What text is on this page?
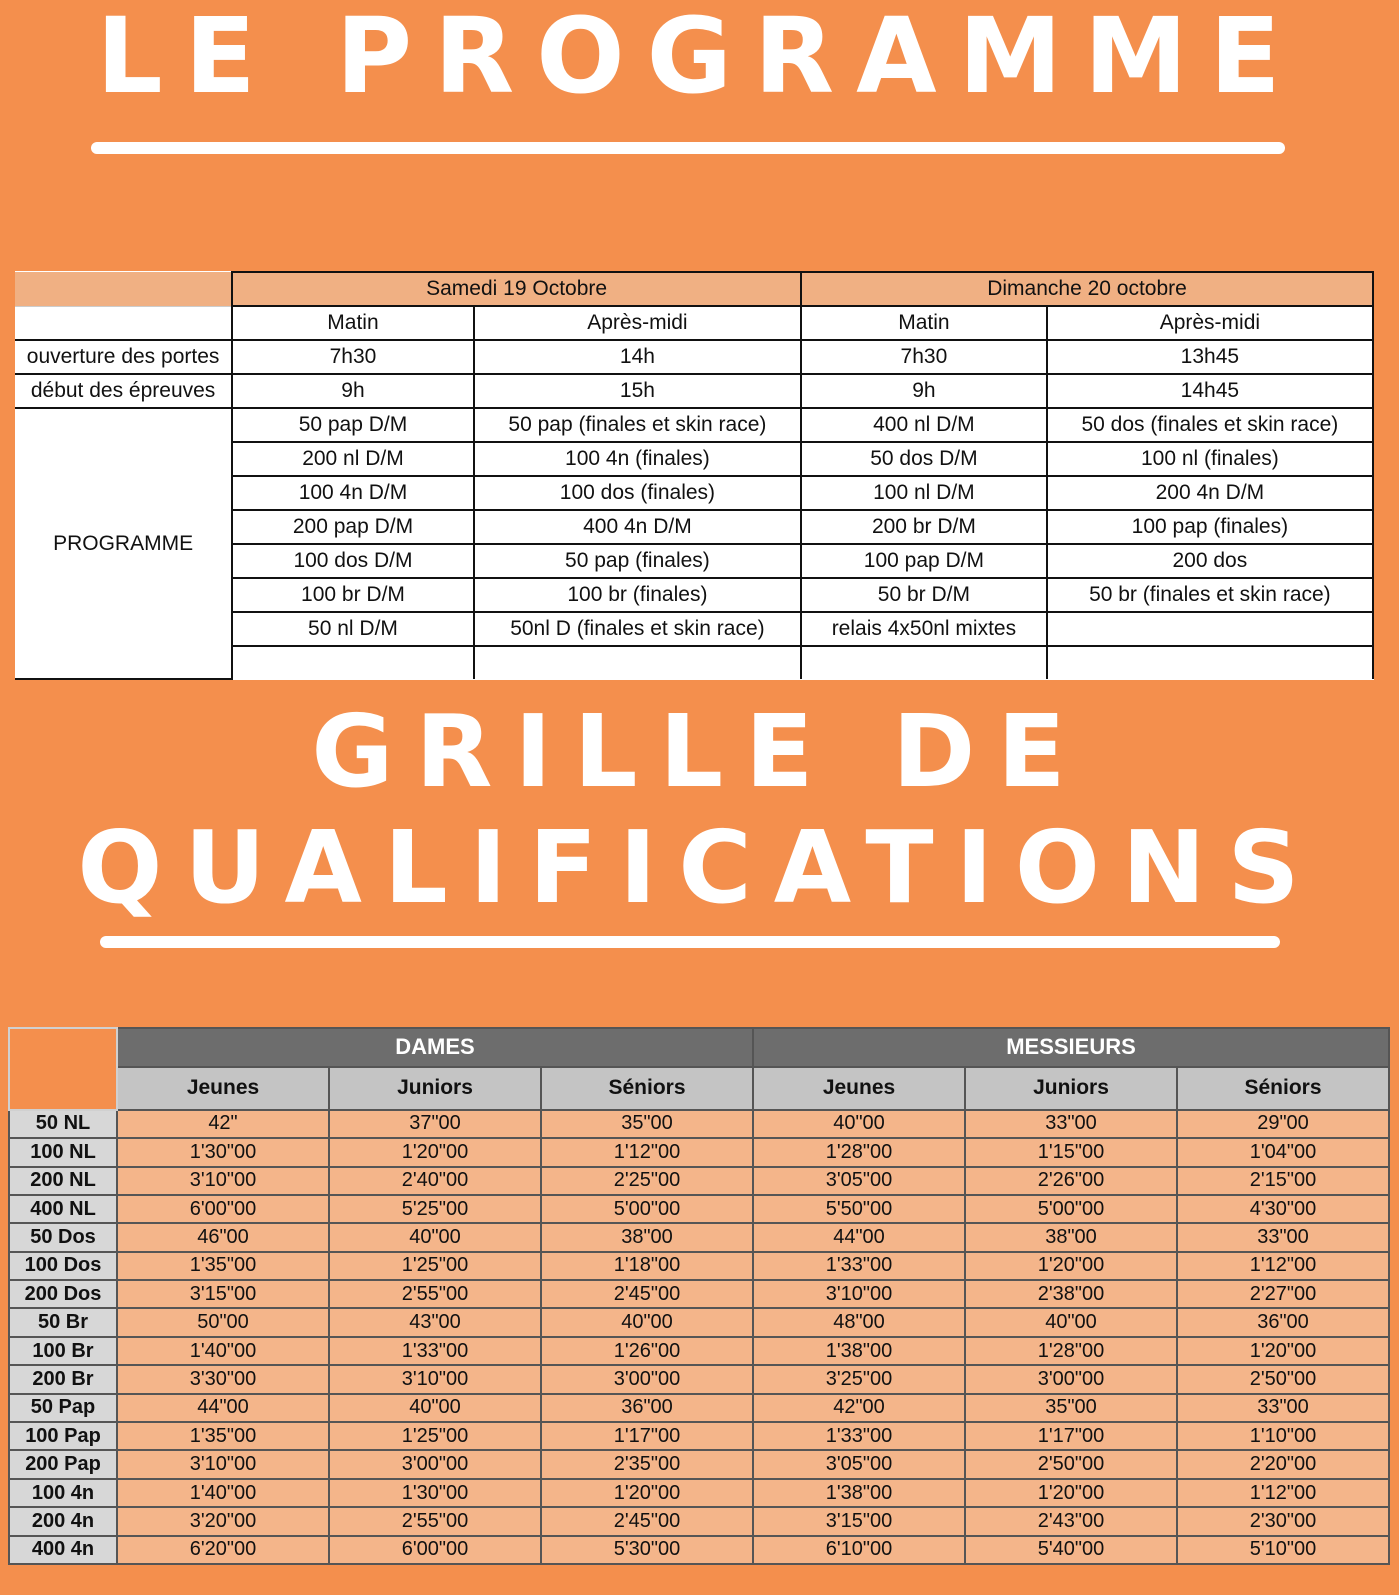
LE PROGRAMME
	Samedi 19 Octobre		Dimanche 20 octobre	
	Matin	Après-midi	Matin	Après-midi
ouverture des portes	7h30	14h	7h30	13h45
début des épreuves	9h	15h	9h	14h45
PROGRAMME	50 pap D/M	50 pap (finales et skin race)	400 nl D/M	50 dos (finales et skin race)
	200 nl D/M	100 4n (finales)	50 dos D/M	100 nl (finales)
	100 4n D/M	100 dos (finales)	100 nl D/M	200 4n D/M
	200 pap D/M	400 4n D/M	200 br D/M	100 pap (finales)
	100 dos D/M	50 pap (finales)	100 pap D/M	200 dos
	100 br D/M	100 br (finales)	50 br D/M	50 br (finales et skin race)
	50 nl D/M	50nl D (finales et skin race)	relais 4x50nl mixtes	

GRILLE DE
QUALIFICATIONS
	DAMES			MESSIEURS		
	Jeunes	Juniors	Séniors	Jeunes	Juniors	Séniors
50 NL	42"	37"00	35"00	40"00	33"00	29"00
100 NL	1'30"00	1'20"00	1'12"00	1'28"00	1'15"00	1'04"00
200 NL	3'10"00	2'40"00	2'25"00	3'05"00	2'26"00	2'15"00
400 NL	6'00"00	5'25"00	5'00"00	5'50"00	5'00"00	4'30"00
50 Dos	46"00	40"00	38"00	44"00	38"00	33"00
100 Dos	1'35"00	1'25"00	1'18"00	1'33"00	1'20"00	1'12"00
200 Dos	3'15"00	2'55"00	2'45"00	3'10"00	2'38"00	2'27"00
50 Br	50"00	43"00	40"00	48"00	40"00	36"00
100 Br	1'40"00	1'33"00	1'26"00	1'38"00	1'28"00	1'20"00
200 Br	3'30"00	3'10"00	3'00"00	3'25"00	3'00"00	2'50"00
50 Pap	44"00	40"00	36"00	42"00	35"00	33"00
100 Pap	1'35"00	1'25"00	1'17"00	1'33"00	1'17"00	1'10"00
200 Pap	3'10"00	3'00"00	2'35"00	3'05"00	2'50"00	2'20"00
100 4n	1'40"00	1'30"00	1'20"00	1'38"00	1'20"00	1'12"00
200 4n	3'20"00	2'55"00	2'45"00	3'15"00	2'43"00	2'30"00
400 4n	6'20"00	6'00"00	5'30"00	6'10"00	5'40"00	5'10"00
